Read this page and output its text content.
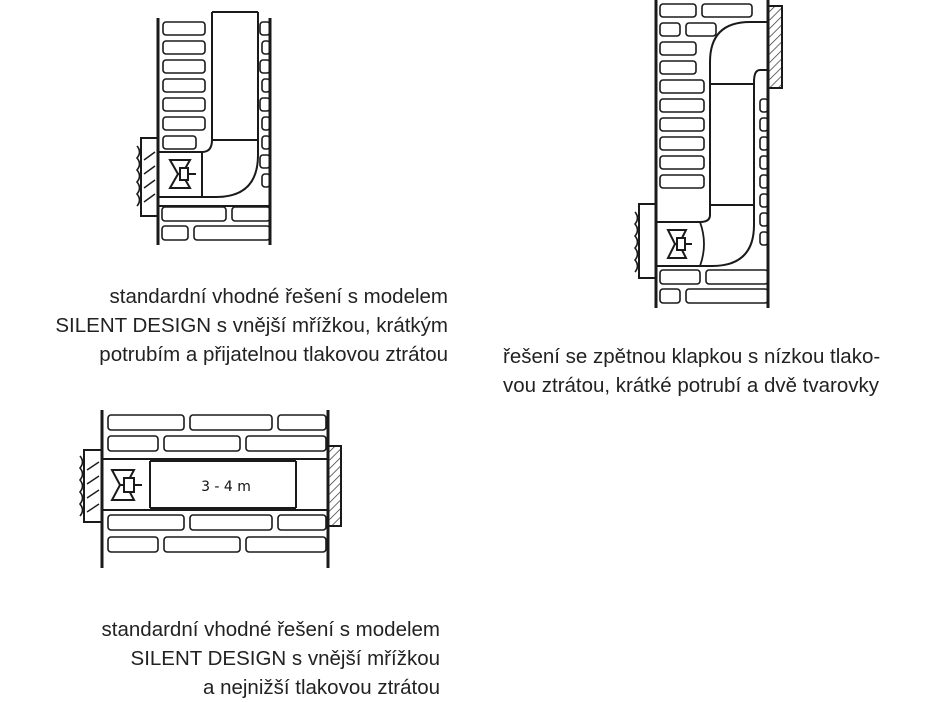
3 - 4 m
standardní vhodné řešení s modelem
SILENT DESIGN s vnější mřížkou, krátkým
potrubím a přijatelnou tlakovou ztrátou	řešení se zpětnou klapkou s nízkou tlako-
vou ztrátou, krátké potrubí a dvě tvarovky
standardní vhodné řešení s modelem
SILENT DESIGN s vnější mřížkou
a nejnižší tlakovou ztrátou
